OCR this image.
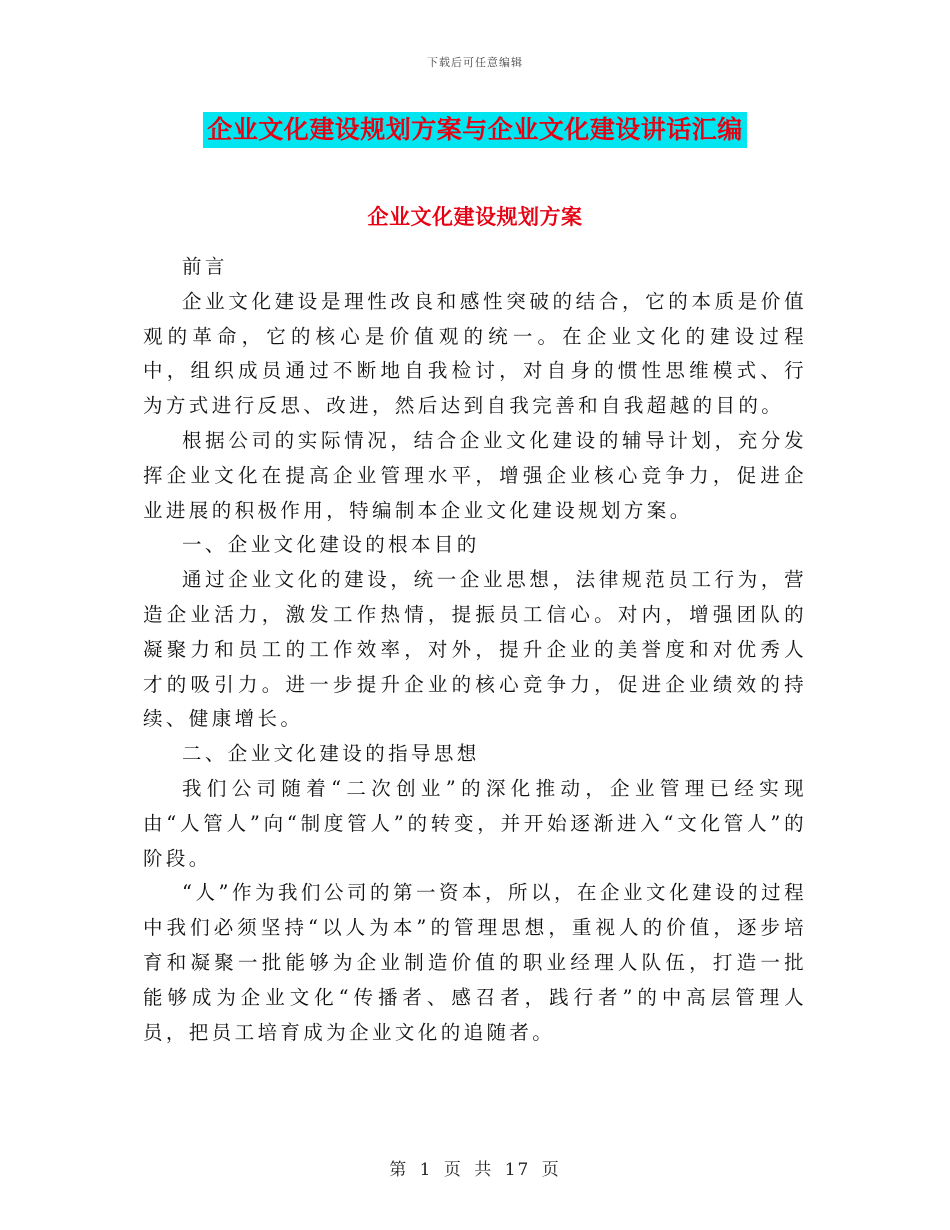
下载后可任意编辑
企业文化建设规划方案与企业文化建设讲话汇编
企业文化建设规划方案

前言

企业文化建设是理性改良和感性突破的结合，它的本质是价值观的革命，它的核心是价值观的统一。在企业文化的建设过程中，组织成员通过不断地自我检讨，对自身的惯性思维模式、行为方式进行反思、改进，然后达到自我完善和自我超越的目的。

根据公司的实际情况，结合企业文化建设的辅导计划，充分发挥企业文化在提高企业管理水平，增强企业核心竞争力，促进企业进展的积极作用，特编制本企业文化建设规划方案。

一、企业文化建设的根本目的

通过企业文化的建设，统一企业思想，法律规范员工行为，营造企业活力，激发工作热情，提振员工信心。对内，增强团队的凝聚力和员工的工作效率，对外，提升企业的美誉度和对优秀人才的吸引力。进一步提升企业的核心竞争力，促进企业绩效的持续、健康增长。

二、企业文化建设的指导思想

我们公司随着“二次创业”的深化推动，企业管理已经实现由“人管人”向“制度管人”的转变，并开始逐渐进入“文化管人”的阶段。

“人”作为我们公司的第一资本，所以，在企业文化建设的过程中我们必须坚持“以人为本”的管理思想，重视人的价值，逐步培育和凝聚一批能够为企业制造价值的职业经理人队伍，打造一批能够成为企业文化“传播者、感召者，践行者”的中高层管理人员，把员工培育成为企业文化的追随者。

第 1 页 共 17 页
